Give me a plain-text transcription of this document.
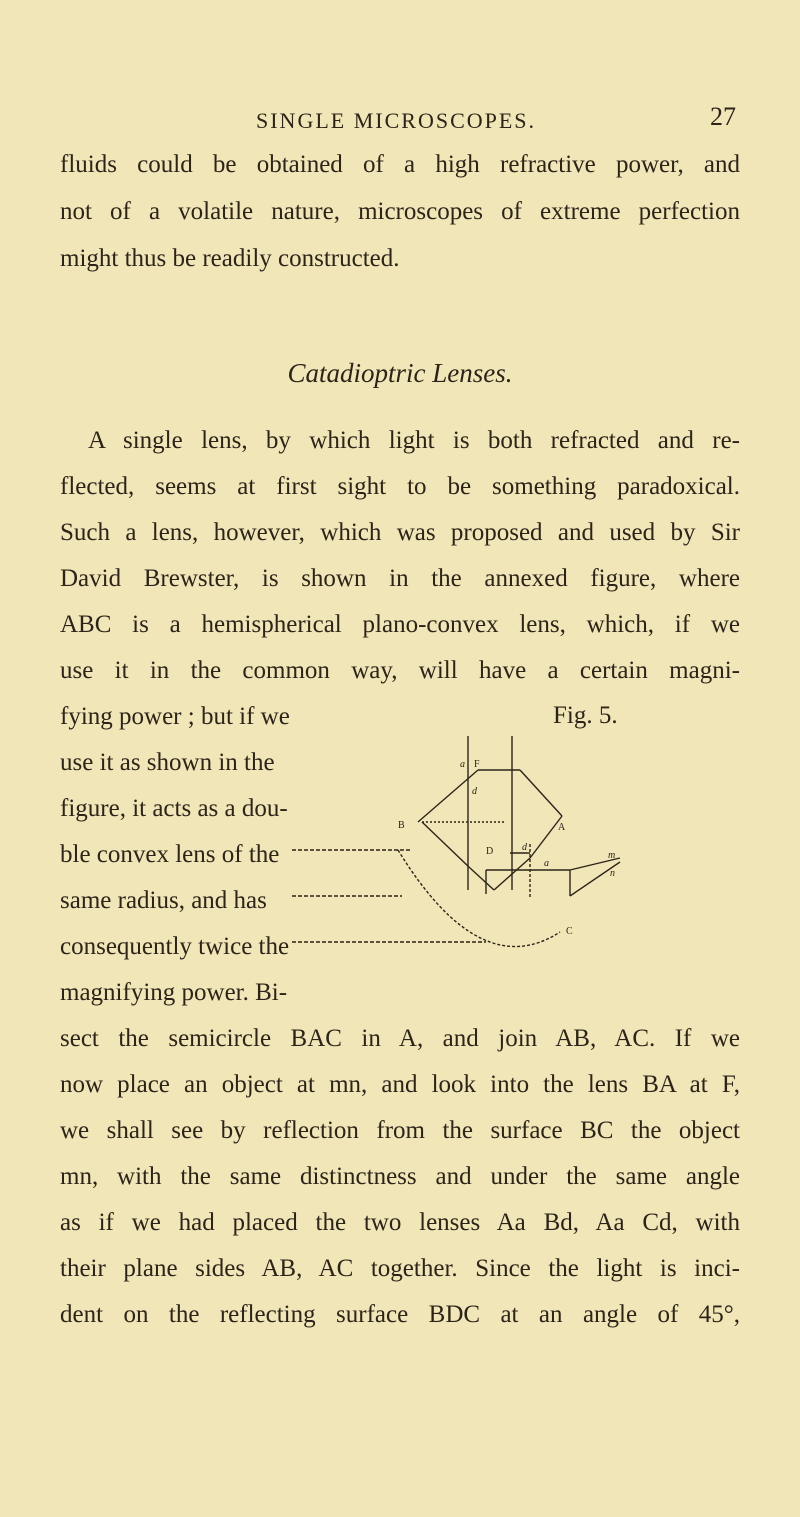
SINGLE MICROSCOPES.	27
fluids could be obtained of a high refractive power, and
not of a volatile nature, microscopes of extreme perfection
might thus be readily constructed.
Catadioptric Lenses.
A single lens, by which light is both refracted and re-
flected, seems at first sight to be something paradoxical.
Such a lens, however, which was proposed and used by Sir
David Brewster, is shown in the annexed figure, where
ABC is a hemispherical plano-convex lens, which, if we
use it in the common way, will have a certain magni-
fying power ; but if we	Fig. 5.
use it as shown in the
figure, it acts as a dou-
ble convex lens of the
same radius, and has
consequently twice the
magnifying power. Bi-
a F
B	A
d
D	d
a
m
n
C
sect the semicircle BAC in A, and join AB, AC. If we
now place an object at mn, and look into the lens BA at F,
we shall see by reflection from the surface BC the object
mn, with the same distinctness and under the same angle
as if we had placed the two lenses Aa Bd, Aa Cd, with
their plane sides AB, AC together. Since the light is inci-
dent on the reflecting surface BDC at an angle of 45°,
